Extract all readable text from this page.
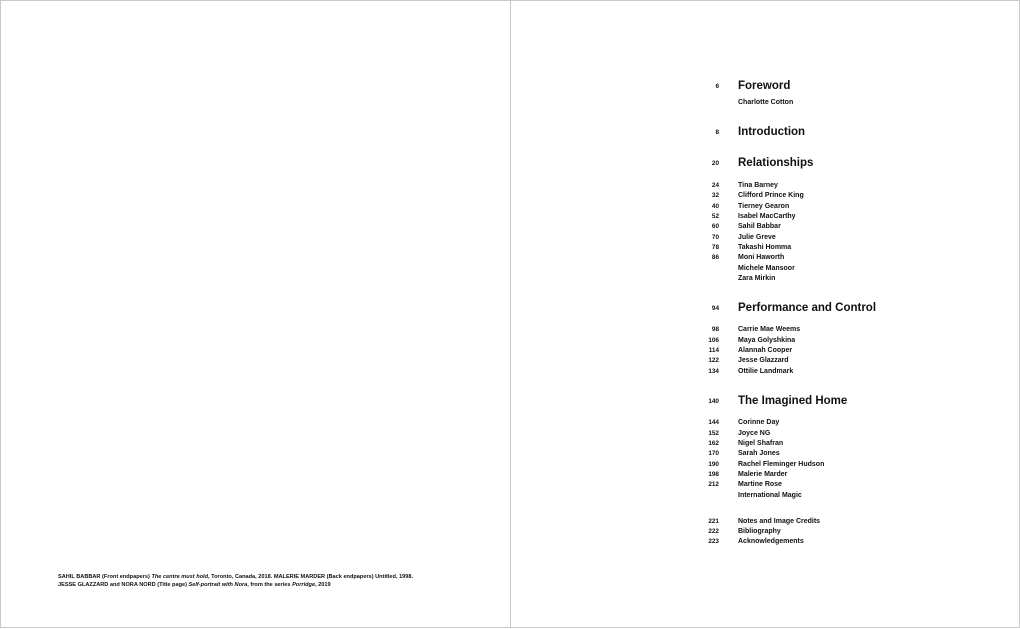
SAHIL BABBAR (Front endpapers) The centre must hold, Toronto, Canada, 2018. MALERIE MARDER (Back endpapers) Untitled, 1998.
JESSE GLAZZARD and NORA NORD (Title page) Self-portrait with Nora, from the series Porridge, 2019
6 Foreword
Charlotte Cotton
8 Introduction
20 Relationships
24	Tina Barney
32	Clifford Prince King
40	Tierney Gearon
52	Isabel MacCarthy
60	Sahil Babbar
70	Julie Greve
78	Takashi Homma
86	Moni Haworth
Michele Mansoor
Zara Mirkin
94 Performance and Control
98	Carrie Mae Weems
106	Maya Golyshkina
114	Alannah Cooper
122	Jesse Glazzard
134	Ottilie Landmark
140 The Imagined Home
144	Corinne Day
152	Joyce NG
162	Nigel Shafran
170	Sarah Jones
190	Rachel Fleminger Hudson
198	Malerie Marder
212	Martine Rose
International Magic
221	Notes and Image Credits
222	Bibliography
223	Acknowledgements
